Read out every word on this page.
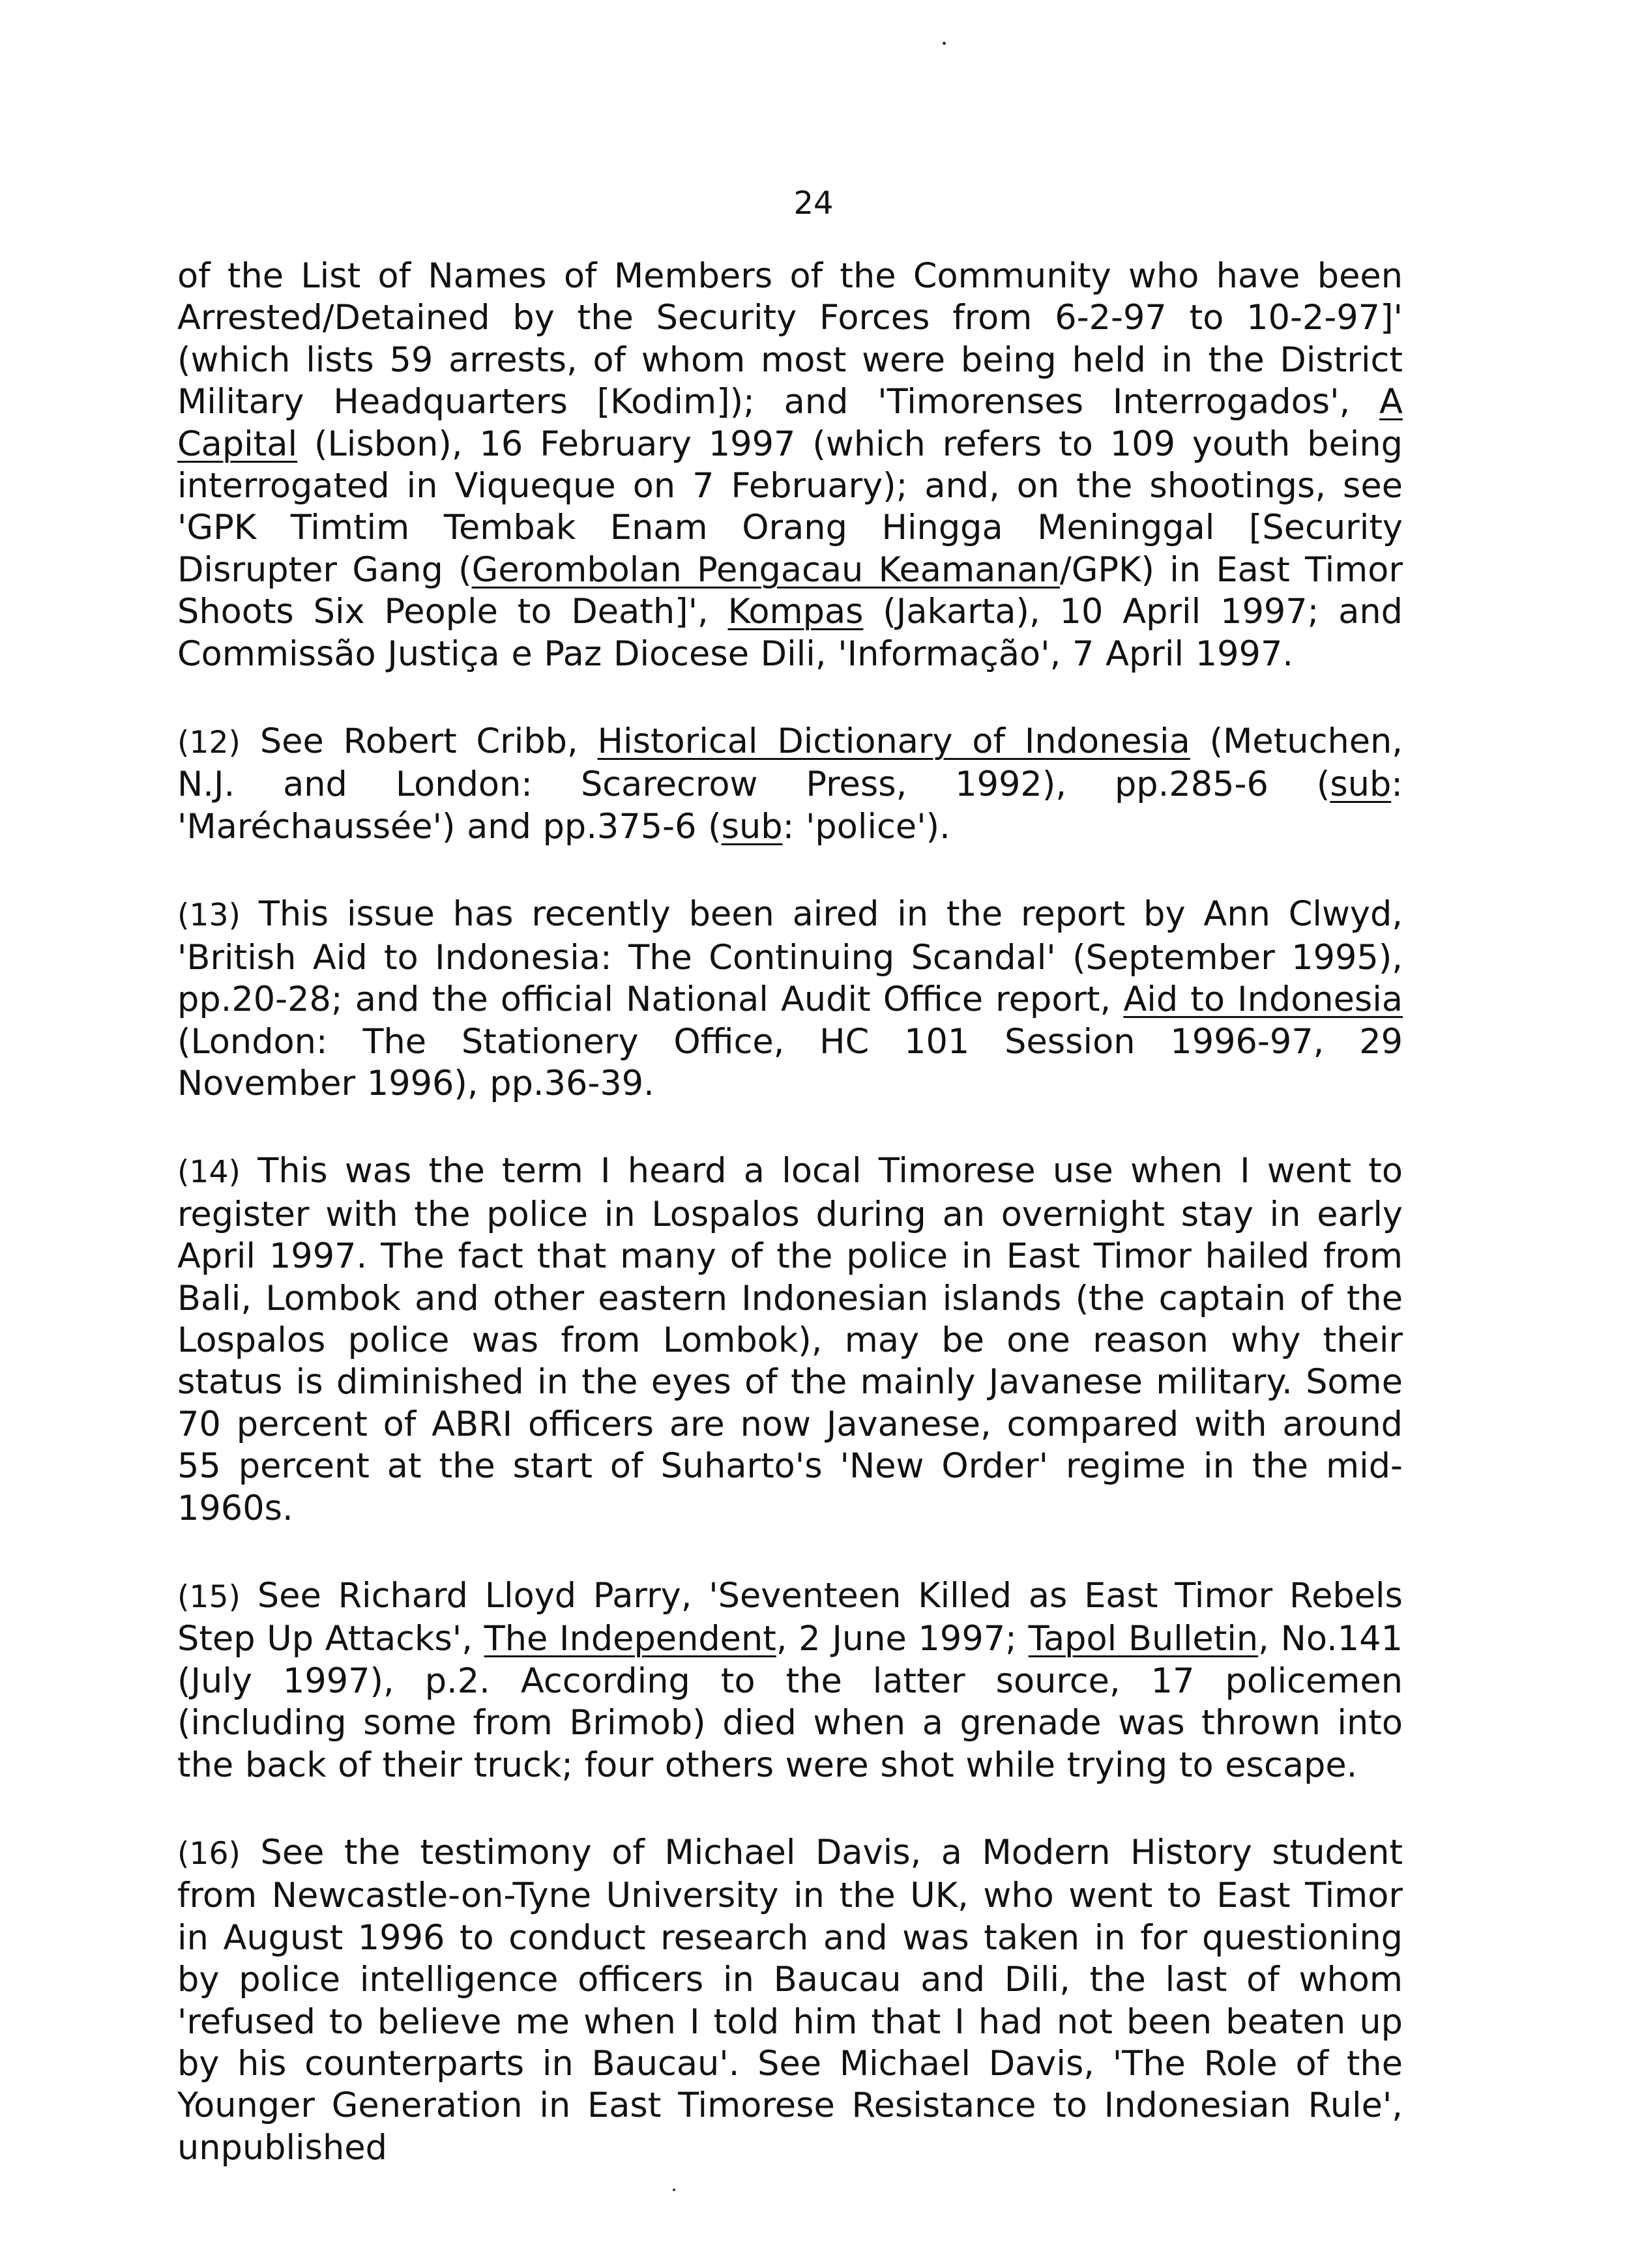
24

of the List of Names of Members of the Community who have been Arrested/Detained by the Security Forces from 6-2-97 to 10-2-97]' (which lists 59 arrests, of whom most were being held in the District Military Headquarters [Kodim]); and 'Timorenses Interrogados', A Capital (Lisbon), 16 February 1997 (which refers to 109 youth being interrogated in Viqueque on 7 February); and, on the shootings, see 'GPK Timtim Tembak Enam Orang Hingga Meninggal [Security Disrupter Gang (Gerombolan Pengacau Keamanan/GPK) in East Timor Shoots Six People to Death]', Kompas (Jakarta), 10 April 1997; and Commissão Justiça e Paz Diocese Dili, 'Informação', 7 April 1997.

(12) See Robert Cribb, Historical Dictionary of Indonesia (Metuchen, N.J. and London: Scarecrow Press, 1992), pp.285-6 (sub: 'Maréchaussée') and pp.375-6 (sub: 'police').

(13) This issue has recently been aired in the report by Ann Clwyd, 'British Aid to Indonesia: The Continuing Scandal' (September 1995), pp.20-28; and the official National Audit Office report, Aid to Indonesia (London: The Stationery Office, HC 101 Session 1996-97, 29 November 1996), pp.36-39.

(14) This was the term I heard a local Timorese use when I went to register with the police in Lospalos during an overnight stay in early April 1997. The fact that many of the police in East Timor hailed from Bali, Lombok and other eastern Indonesian islands (the captain of the Lospalos police was from Lombok), may be one reason why their status is diminished in the eyes of the mainly Javanese military. Some 70 percent of ABRI officers are now Javanese, compared with around 55 percent at the start of Suharto's 'New Order' regime in the mid-1960s.

(15) See Richard Lloyd Parry, 'Seventeen Killed as East Timor Rebels Step Up Attacks', The Independent, 2 June 1997; Tapol Bulletin, No.141 (July 1997), p.2. According to the latter source, 17 policemen (including some from Brimob) died when a grenade was thrown into the back of their truck; four others were shot while trying to escape.

(16) See the testimony of Michael Davis, a Modern History student from Newcastle-on-Tyne University in the UK, who went to East Timor in August 1996 to conduct research and was taken in for questioning by police intelligence officers in Baucau and Dili, the last of whom 'refused to believe me when I told him that I had not been beaten up by his counterparts in Baucau'. See Michael Davis, 'The Role of the Younger Generation in East Timorese Resistance to Indonesian Rule', unpublished
